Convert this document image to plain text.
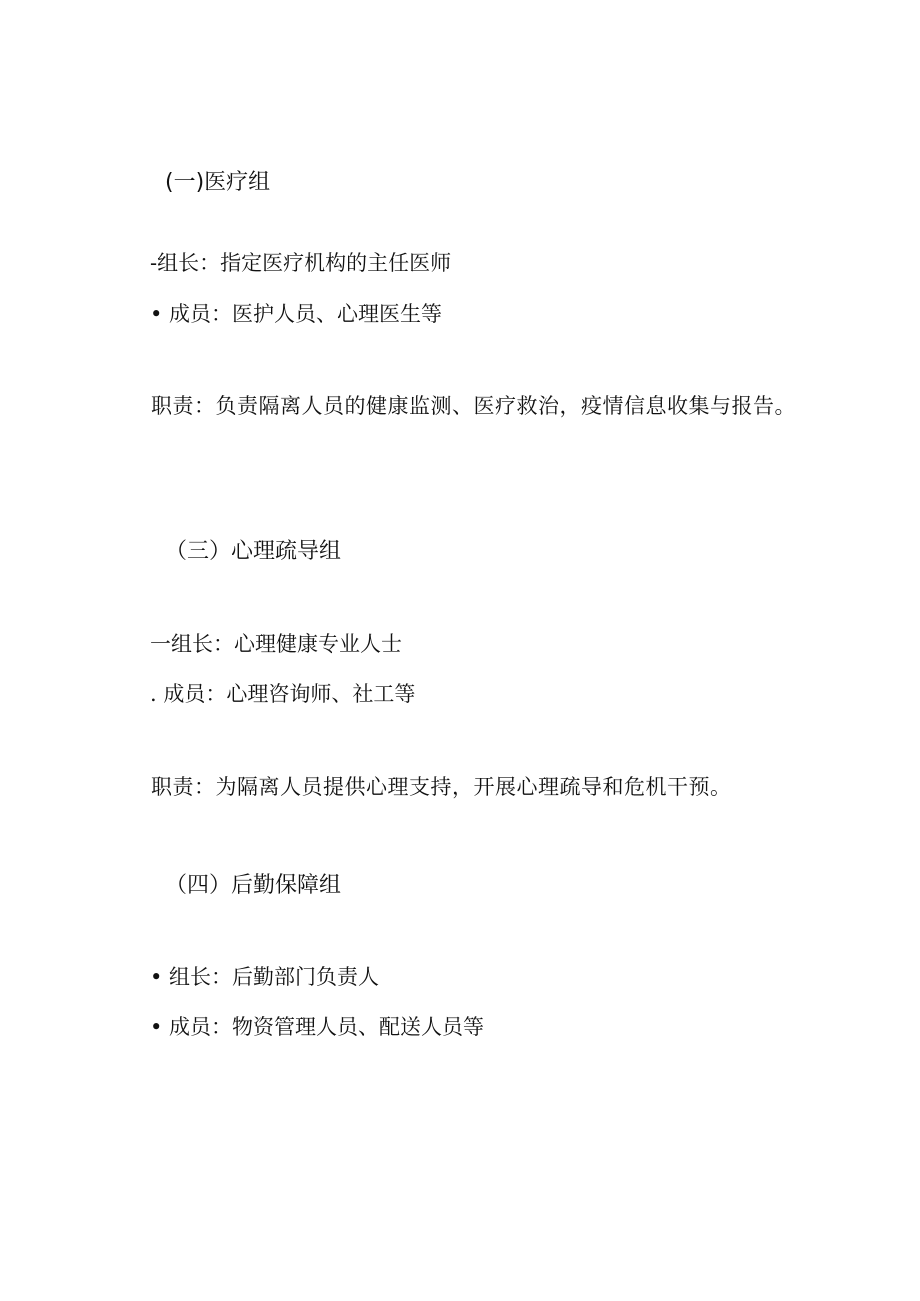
(一)医疗组
-组长：指定医疗机构的主任医师
• 成员：医护人员、心理医生等
职责：负责隔离人员的健康监测、医疗救治，疫情信息收集与报告。
（三）心理疏导组
一组长：心理健康专业人士
. 成员：心理咨询师、社工等
职责：为隔离人员提供心理支持，开展心理疏导和危机干预。
（四）后勤保障组
• 组长：后勤部门负责人
• 成员：物资管理人员、配送人员等
